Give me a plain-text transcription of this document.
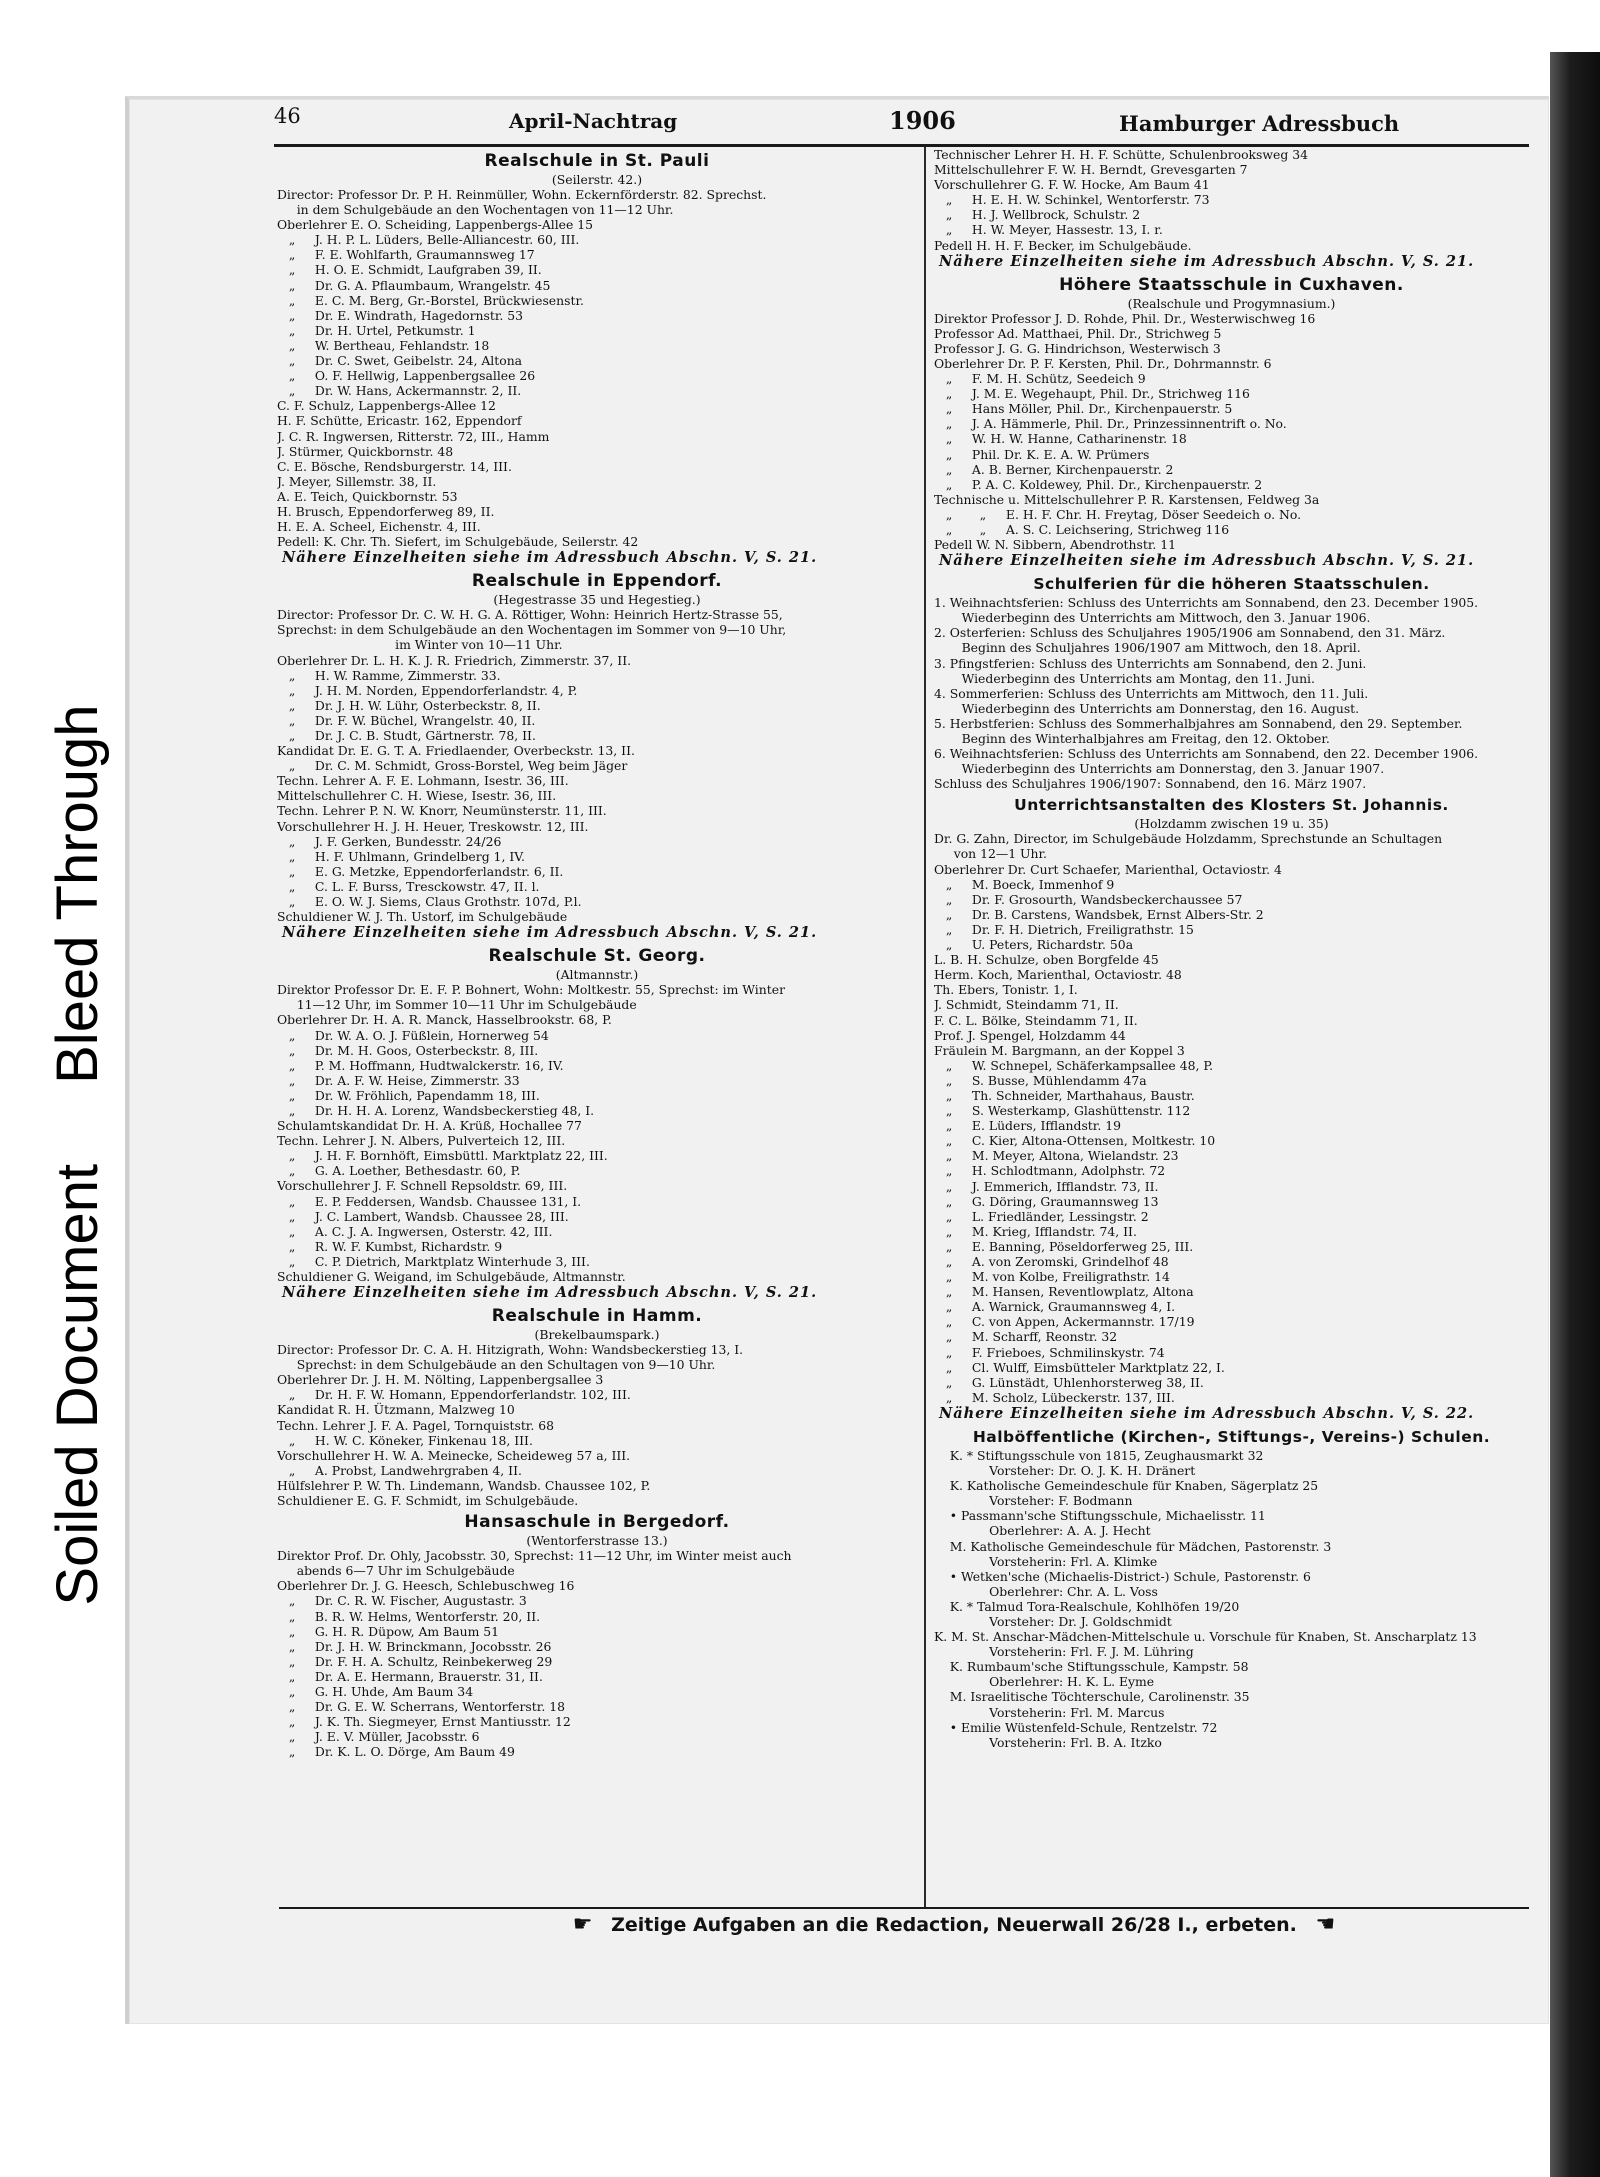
Soiled Document
Bleed Through
46	April-Nachtrag	1906	Hamburger Adressbuch
Realschule in St. Pauli
(Seilerstr. 42.)
Director: Professor Dr. P. H. Reinmüller, Wohn. Eckernförderstr. 82. Sprechst.
in dem Schulgebäude an den Wochentagen von 11—12 Uhr.
Oberlehrer E. O. Scheiding, Lappenbergs-Allee 15
„     J. H. P. L. Lüders, Belle-Alliancestr. 60, III.
„     F. E. Wohlfarth, Graumannsweg 17
„     H. O. E. Schmidt, Laufgraben 39, II.
„     Dr. G. A. Pflaumbaum, Wrangelstr. 45
„     E. C. M. Berg, Gr.-Borstel, Brückwiesenstr.
„     Dr. E. Windrath, Hagedornstr. 53
„     Dr. H. Urtel, Petkumstr. 1
„     W. Bertheau, Fehlandstr. 18
„     Dr. C. Swet, Geibelstr. 24, Altona
„     O. F. Hellwig, Lappenbergsallee 26
„     Dr. W. Hans, Ackermannstr. 2, II.
C. F. Schulz, Lappenbergs-Allee 12
H. F. Schütte, Ericastr. 162, Eppendorf
J. C. R. Ingwersen, Ritterstr. 72, III., Hamm
J. Stürmer, Quickbornstr. 48
C. E. Bösche, Rendsburgerstr. 14, III.
J. Meyer, Sillemstr. 38, II.
A. E. Teich, Quickbornstr. 53
H. Brusch, Eppendorferweg 89, II.
H. E. A. Scheel, Eichenstr. 4, III.
Pedell: K. Chr. Th. Siefert, im Schulgebäude, Seilerstr. 42
Nähere Einzelheiten siehe im Adressbuch Abschn. V, S. 21.
Realschule in Eppendorf.
(Hegestrasse 35 und Hegestieg.)
Director: Professor Dr. C. W. H. G. A. Röttiger, Wohn: Heinrich Hertz-Strasse 55,
Sprechst: in dem Schulgebäude an den Wochentagen im Sommer von 9—10 Uhr,
im Winter von 10—11 Uhr.
Oberlehrer Dr. L. H. K. J. R. Friedrich, Zimmerstr. 37, II.
„     H. W. Ramme, Zimmerstr. 33.
„     J. H. M. Norden, Eppendorferlandstr. 4, P.
„     Dr. J. H. W. Lühr, Osterbeckstr. 8, II.
„     Dr. F. W. Büchel, Wrangelstr. 40, II.
„     Dr. J. C. B. Studt, Gärtnerstr. 78, II.
Kandidat Dr. E. G. T. A. Friedlaender, Overbeckstr. 13, II.
„     Dr. C. M. Schmidt, Gross-Borstel, Weg beim Jäger
Techn. Lehrer A. F. E. Lohmann, Isestr. 36, III.
Mittelschullehrer C. H. Wiese, Isestr. 36, III.
Techn. Lehrer P. N. W. Knorr, Neumünsterstr. 11, III.
Vorschullehrer H. J. H. Heuer, Treskowstr. 12, III.
„     J. F. Gerken, Bundesstr. 24/26
„     H. F. Uhlmann, Grindelberg 1, IV.
„     E. G. Metzke, Eppendorferlandstr. 6, II.
„     C. L. F. Burss, Tresckowstr. 47, II. l.
„     E. O. W. J. Siems, Claus Grothstr. 107d, P.l.
Schuldiener W. J. Th. Ustorf, im Schulgebäude
Nähere Einzelheiten siehe im Adressbuch Abschn. V, S. 21.
Realschule St. Georg.
(Altmannstr.)
Direktor Professor Dr. E. F. P. Bohnert, Wohn: Moltkestr. 55, Sprechst: im Winter
11—12 Uhr, im Sommer 10—11 Uhr im Schulgebäude
Oberlehrer Dr. H. A. R. Manck, Hasselbrookstr. 68, P.
„     Dr. W. A. O. J. Füßlein, Hornerweg 54
„     Dr. M. H. Goos, Osterbeckstr. 8, III.
„     P. M. Hoffmann, Hudtwalckerstr. 16, IV.
„     Dr. A. F. W. Heise, Zimmerstr. 33
„     Dr. W. Fröhlich, Papendamm 18, III.
„     Dr. H. H. A. Lorenz, Wandsbeckerstieg 48, I.
Schulamtskandidat Dr. H. A. Krüß, Hochallee 77
Techn. Lehrer J. N. Albers, Pulverteich 12, III.
„     J. H. F. Bornhöft, Eimsbüttl. Marktplatz 22, III.
„     G. A. Loether, Bethesdastr. 60, P.
Vorschullehrer J. F. Schnell Repsoldstr. 69, III.
„     E. P. Feddersen, Wandsb. Chaussee 131, I.
„     J. C. Lambert, Wandsb. Chaussee 28, III.
„     A. C. J. A. Ingwersen, Osterstr. 42, III.
„     R. W. F. Kumbst, Richardstr. 9
„     C. P. Dietrich, Marktplatz Winterhude 3, III.
Schuldiener G. Weigand, im Schulgebäude, Altmannstr.
Nähere Einzelheiten siehe im Adressbuch Abschn. V, S. 21.
Realschule in Hamm.
(Brekelbaumspark.)
Director: Professor Dr. C. A. H. Hitzigrath, Wohn: Wandsbeckerstieg 13, I.
Sprechst: in dem Schulgebäude an den Schultagen von 9—10 Uhr.
Oberlehrer Dr. J. H. M. Nölting, Lappenbergsallee 3
„     Dr. H. F. W. Homann, Eppendorferlandstr. 102, III.
Kandidat R. H. Ützmann, Malzweg 10
Techn. Lehrer J. F. A. Pagel, Tornquiststr. 68
„     H. W. C. Köneker, Finkenau 18, III.
Vorschullehrer H. W. A. Meinecke, Scheideweg 57 a, III.
„     A. Probst, Landwehrgraben 4, II.
Hülfslehrer P. W. Th. Lindemann, Wandsb. Chaussee 102, P.
Schuldiener E. G. F. Schmidt, im Schulgebäude.
Hansaschule in Bergedorf.
(Wentorferstrasse 13.)
Direktor Prof. Dr. Ohly, Jacobsstr. 30, Sprechst: 11—12 Uhr, im Winter meist auch
abends 6—7 Uhr im Schulgebäude
Oberlehrer Dr. J. G. Heesch, Schlebuschweg 16
„     Dr. C. R. W. Fischer, Augustastr. 3
„     B. R. W. Helms, Wentorferstr. 20, II.
„     G. H. R. Düpow, Am Baum 51
„     Dr. J. H. W. Brinckmann, Jocobsstr. 26
„     Dr. F. H. A. Schultz, Reinbekerweg 29
„     Dr. A. E. Hermann, Brauerstr. 31, II.
„     G. H. Uhde, Am Baum 34
„     Dr. G. E. W. Scherrans, Wentorferstr. 18
„     J. K. Th. Siegmeyer, Ernst Mantiusstr. 12
„     J. E. V. Müller, Jacobsstr. 6
„     Dr. K. L. O. Dörge, Am Baum 49
Technischer Lehrer H. H. F. Schütte, Schulenbrooksweg 34
Mittelschullehrer F. W. H. Berndt, Grevesgarten 7
Vorschullehrer G. F. W. Hocke, Am Baum 41
„     H. E. H. W. Schinkel, Wentorferstr. 73
„     H. J. Wellbrock, Schulstr. 2
„     H. W. Meyer, Hassestr. 13, I. r.
Pedell H. H. F. Becker, im Schulgebäude.
Nähere Einzelheiten siehe im Adressbuch Abschn. V, S. 21.
Höhere Staatsschule in Cuxhaven.
(Realschule und Progymnasium.)
Direktor Professor J. D. Rohde, Phil. Dr., Westerwischweg 16
Professor Ad. Matthaei, Phil. Dr., Strichweg 5
Professor J. G. G. Hindrichson, Westerwisch 3
Oberlehrer Dr. P. F. Kersten, Phil. Dr., Dohrmannstr. 6
„     F. M. H. Schütz, Seedeich 9
„     J. M. E. Wegehaupt, Phil. Dr., Strichweg 116
„     Hans Möller, Phil. Dr., Kirchenpauerstr. 5
„     J. A. Hämmerle, Phil. Dr., Prinzessinnentrift o. No.
„     W. H. W. Hanne, Catharinenstr. 18
„     Phil. Dr. K. E. A. W. Prümers
„     A. B. Berner, Kirchenpauerstr. 2
„     P. A. C. Koldewey, Phil. Dr., Kirchenpauerstr. 2
Technische u. Mittelschullehrer P. R. Karstensen, Feldweg 3a
„       „     E. H. F. Chr. H. Freytag, Döser Seedeich o. No.
„       „     A. S. C. Leichsering, Strichweg 116
Pedell W. N. Sibbern, Abendrothstr. 11
Nähere Einzelheiten siehe im Adressbuch Abschn. V, S. 21.
Schulferien für die höheren Staatsschulen.
1. Weihnachtsferien: Schluss des Unterrichts am Sonnabend, den 23. December 1905.
Wiederbeginn des Unterrichts am Mittwoch, den 3. Januar 1906.
2. Osterferien: Schluss des Schuljahres 1905/1906 am Sonnabend, den 31. März.
Beginn des Schuljahres 1906/1907 am Mittwoch, den 18. April.
3. Pfingstferien: Schluss des Unterrichts am Sonnabend, den 2. Juni.
Wiederbeginn des Unterrichts am Montag, den 11. Juni.
4. Sommerferien: Schluss des Unterrichts am Mittwoch, den 11. Juli.
Wiederbeginn des Unterrichts am Donnerstag, den 16. August.
5. Herbstferien: Schluss des Sommerhalbjahres am Sonnabend, den 29. September.
Beginn des Winterhalbjahres am Freitag, den 12. Oktober.
6. Weihnachtsferien: Schluss des Unterrichts am Sonnabend, den 22. December 1906.
Wiederbeginn des Unterrichts am Donnerstag, den 3. Januar 1907.
Schluss des Schuljahres 1906/1907: Sonnabend, den 16. März 1907.
Unterrichtsanstalten des Klosters St. Johannis.
(Holzdamm zwischen 19 u. 35)
Dr. G. Zahn, Director, im Schulgebäude Holzdamm, Sprechstunde an Schultagen
von 12—1 Uhr.
Oberlehrer Dr. Curt Schaefer, Marienthal, Octaviostr. 4
„     M. Boeck, Immenhof 9
„     Dr. F. Grosourth, Wandsbeckerchaussee 57
„     Dr. B. Carstens, Wandsbek, Ernst Albers-Str. 2
„     Dr. F. H. Dietrich, Freiligrathstr. 15
„     U. Peters, Richardstr. 50a
L. B. H. Schulze, oben Borgfelde 45
Herm. Koch, Marienthal, Octaviostr. 48
Th. Ebers, Tonistr. 1, I.
J. Schmidt, Steindamm 71, II.
F. C. L. Bölke, Steindamm 71, II.
Prof. J. Spengel, Holzdamm 44
Fräulein M. Bargmann, an der Koppel 3
„     W. Schnepel, Schäferkampsallee 48, P.
„     S. Busse, Mühlendamm 47a
„     Th. Schneider, Marthahaus, Baustr.
„     S. Westerkamp, Glashüttenstr. 112
„     E. Lüders, Ifflandstr. 19
„     C. Kier, Altona-Ottensen, Moltkestr. 10
„     M. Meyer, Altona, Wielandstr. 23
„     H. Schlodtmann, Adolphstr. 72
„     J. Emmerich, Ifflandstr. 73, II.
„     G. Döring, Graumannsweg 13
„     L. Friedländer, Lessingstr. 2
„     M. Krieg, Ifflandstr. 74, II.
„     E. Banning, Pöseldorferweg 25, III.
„     A. von Zeromski, Grindelhof 48
„     M. von Kolbe, Freiligrathstr. 14
„     M. Hansen, Reventlowplatz, Altona
„     A. Warnick, Graumannsweg 4, I.
„     C. von Appen, Ackermannstr. 17/19
„     M. Scharff, Reonstr. 32
„     F. Frieboes, Schmilinskystr. 74
„     Cl. Wulff, Eimsbütteler Marktplatz 22, I.
„     G. Lünstädt, Uhlenhorsterweg 38, II.
„     M. Scholz, Lübeckerstr. 137, III.
Nähere Einzelheiten siehe im Adressbuch Abschn. V, S. 22.
Halböffentliche (Kirchen-, Stiftungs-, Vereins-) Schulen.
K. * Stiftungsschule von 1815, Zeughausmarkt 32
Vorsteher: Dr. O. J. K. H. Dränert
K. Katholische Gemeindeschule für Knaben, Sägerplatz 25
Vorsteher: F. Bodmann
• Passmann'sche Stiftungsschule, Michaelisstr. 11
Oberlehrer: A. A. J. Hecht
M. Katholische Gemeindeschule für Mädchen, Pastorenstr. 3
Vorsteherin: Frl. A. Klimke
• Wetken'sche (Michaelis-District-) Schule, Pastorenstr. 6
Oberlehrer: Chr. A. L. Voss
K. * Talmud Tora-Realschule, Kohlhöfen 19/20
Vorsteher: Dr. J. Goldschmidt
K. M. St. Anschar-Mädchen-Mittelschule u. Vorschule für Knaben, St. Anscharplatz 13
Vorsteherin: Frl. F. J. M. Lühring
K. Rumbaum'sche Stiftungsschule, Kampstr. 58
Oberlehrer: H. K. L. Eyme
M. Israelitische Töchterschule, Carolinenstr. 35
Vorsteherin: Frl. M. Marcus
• Emilie Wüstenfeld-Schule, Rentzelstr. 72
Vorsteherin: Frl. B. A. Itzko
☛ Zeitige Aufgaben an die Redaction, Neuerwall 26/28 I., erbeten. ☚
